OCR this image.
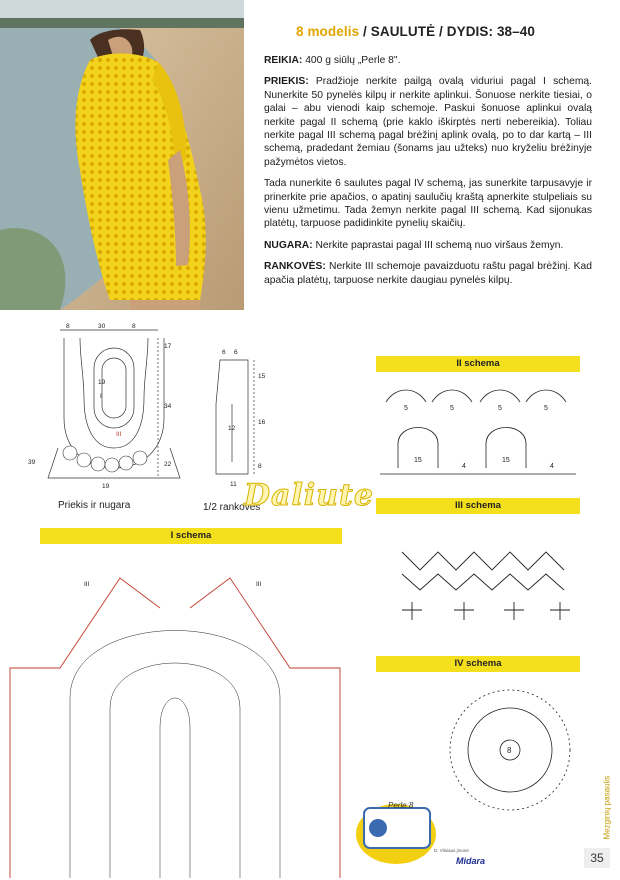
8 modelis / SAULUTĖ / DYDIS: 38–40

REIKIA: 400 g siūlų „Perle 8".

PRIEKIS: Pradžioje nerkite pailgą ovalą viduriui pagal I schemą. Nunerkite 50 pynelės kilpų ir nerkite aplinkui. Šonuose nerkite tiesiai, o galai – abu vienodi kaip schemoje. Paskui šonuose aplinkui ovalą nerkite pagal II schemą (prie kaklo iškirptės nerti nebereikia). Toliau nerkite pagal III schemą pagal brėžinį aplink ovalą, po to dar kartą – III schemą, pradedant žemiau (šonams jau užteks) nuo kryželiu brėžinyje pažymėtos vietos.

Tada nunerkite 6 saulutes pagal IV schemą, jas sunerkite tarpusavyje ir prinerkite prie apačios, o apatinį saulučių kraštą apnerkite stulpeliais su vienu užmetimu. Tada žemyn nerkite pagal III schemą. Kad sijonukas platėtų, tarpuose padidinkite pynelių skaičių.

NUGARA: Nerkite paprastai pagal III schemą nuo viršaus žemyn.

RANKOVĖS: Nerkite III schemoje pavaizduotu raštu pagal brėžinį. Kad apačia platėtų, tarpuose nerkite daugiau pynelės kilpų.

8	30	8
17
34
22
39
19
19
III
I
Priekis ir nugara
6 6
15
16
8
12
11
1/2 rankovės
Daliute
II schema
III schema
IV schema
I schema
5	5	5	5
15	15
4	4
8
III	III
Perle 8
D. Vilniaus įmonė
Midara
Mezginių pasaulis
35
